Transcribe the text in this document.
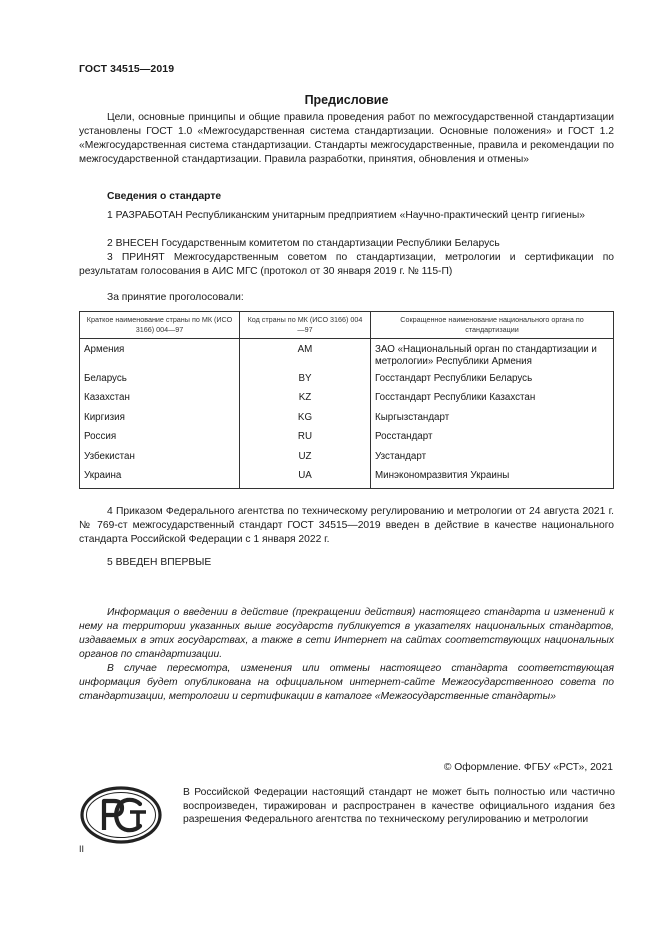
ГОСТ 34515—2019
Предисловие

Цели, основные принципы и общие правила проведения работ по межгосударственной стандартизации установлены ГОСТ 1.0 «Межгосударственная система стандартизации. Основные положения» и ГОСТ 1.2 «Межгосударственная система стандартизации. Стандарты межгосударственные, правила и рекомендации по межгосударственной стандартизации. Правила разработки, принятия, обновления и отмены»

Сведения о стандарте

1 РАЗРАБОТАН Республиканским унитарным предприятием «Научно-практический центр гигиены»

2 ВНЕСЕН Государственным комитетом по стандартизации Республики Беларусь

3 ПРИНЯТ Межгосударственным советом по стандартизации, метрологии и сертификации по результатам голосования в АИС МГС (протокол от 30 января 2019 г. № 115-П)

За принятие проголосовали:

Краткое наименование страны по МК (ИСО 3166) 004—97	Код страны по МК (ИСО 3166) 004—97	Сокращенное наименование национального органа по стандартизации
Армения	AM	ЗАО «Национальный орган по стандартизации и метрологии» Республики Армения
Беларусь	BY	Госстандарт Республики Беларусь
Казахстан	KZ	Госстандарт Республики Казахстан
Киргизия	KG	Кыргызстандарт
Россия	RU	Росстандарт
Узбекистан	UZ	Узстандарт
Украина	UA	Минэкономразвития Украины

4 Приказом Федерального агентства по техническому регулированию и метрологии от 24 августа 2021 г. № 769-ст межгосударственный стандарт ГОСТ 34515—2019 введен в действие в качестве национального стандарта Российской Федерации с 1 января 2022 г.

5 ВВЕДЕН ВПЕРВЫЕ

Информация о введении в действие (прекращении действия) настоящего стандарта и изменений к нему на территории указанных выше государств публикуется в указателях национальных стандартов, издаваемых в этих государствах, а также в сети Интернет на сайтах соответствующих национальных органов по стандартизации.

В случае пересмотра, изменения или отмены настоящего стандарта соответствующая информация будет опубликована на официальном интернет-сайте Межгосударственного совета по стандартизации, метрологии и сертификации в каталоге «Межгосударственные стандарты»

© Оформление. ФГБУ «РСТ», 2021

В Российской Федерации настоящий стандарт не может быть полностью или частично воспроизведен, тиражирован и распространен в качестве официального издания без разрешения Федерального агентства по техническому регулированию и метрологии

II
